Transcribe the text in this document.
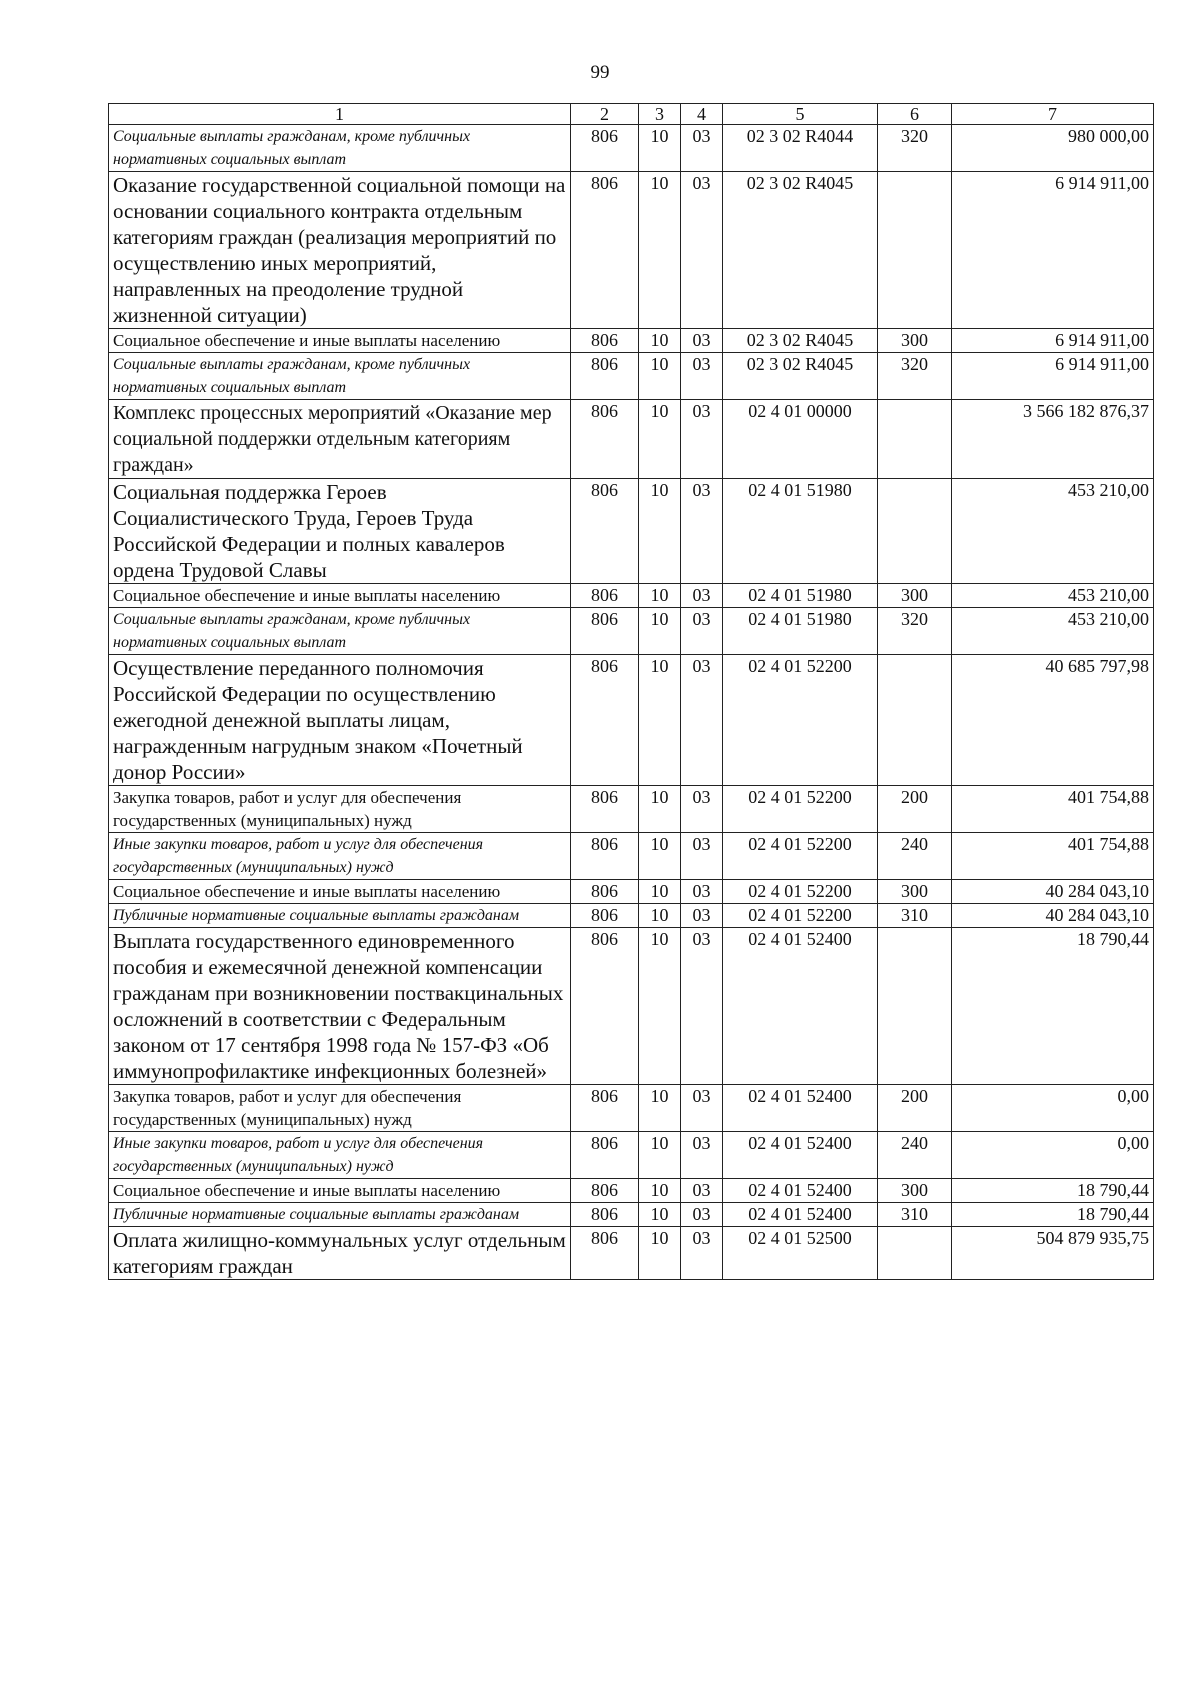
99
1	2	3	4	5	6	7
Социальные выплаты гражданам, кроме публичных нормативных социальных выплат	806	10	03	02 3 02 R4044	320	980 000,00
Оказание государственной социальной помощи на основании социального контракта отдельным категориям граждан (реализация мероприятий по осуществлению иных мероприятий, направленных на преодоление трудной жизненной ситуации)	806	10	03	02 3 02 R4045		6 914 911,00
Социальное обеспечение и иные выплаты населению	806	10	03	02 3 02 R4045	300	6 914 911,00
Социальные выплаты гражданам, кроме публичных нормативных социальных выплат	806	10	03	02 3 02 R4045	320	6 914 911,00
Комплекс процессных мероприятий «Оказание мер социальной поддержки отдельным категориям граждан»	806	10	03	02 4 01 00000		3 566 182 876,37
Социальная поддержка Героев Социалистического Труда, Героев Труда Российской Федерации и полных кавалеров ордена Трудовой Славы	806	10	03	02 4 01 51980		453 210,00
Социальное обеспечение и иные выплаты населению	806	10	03	02 4 01 51980	300	453 210,00
Социальные выплаты гражданам, кроме публичных нормативных социальных выплат	806	10	03	02 4 01 51980	320	453 210,00
Осуществление переданного полномочия Российской Федерации по осуществлению ежегодной денежной выплаты лицам, награжденным нагрудным знаком «Почетный донор России»	806	10	03	02 4 01 52200		40 685 797,98
Закупка товаров, работ и услуг для обеспечения государственных (муниципальных) нужд	806	10	03	02 4 01 52200	200	401 754,88
Иные закупки товаров, работ и услуг для обеспечения государственных (муниципальных) нужд	806	10	03	02 4 01 52200	240	401 754,88
Социальное обеспечение и иные выплаты населению	806	10	03	02 4 01 52200	300	40 284 043,10
Публичные нормативные социальные выплаты гражданам	806	10	03	02 4 01 52200	310	40 284 043,10
Выплата государственного единовременного пособия и ежемесячной денежной компенсации гражданам при возникновении поствакцинальных осложнений в соответствии с Федеральным законом от 17 сентября 1998 года № 157-ФЗ «Об иммунопрофилактике инфекционных болезней»	806	10	03	02 4 01 52400		18 790,44
Закупка товаров, работ и услуг для обеспечения государственных (муниципальных) нужд	806	10	03	02 4 01 52400	200	0,00
Иные закупки товаров, работ и услуг для обеспечения государственных (муниципальных) нужд	806	10	03	02 4 01 52400	240	0,00
Социальное обеспечение и иные выплаты населению	806	10	03	02 4 01 52400	300	18 790,44
Публичные нормативные социальные выплаты гражданам	806	10	03	02 4 01 52400	310	18 790,44
Оплата жилищно-коммунальных услуг отдельным категориям граждан	806	10	03	02 4 01 52500		504 879 935,75
